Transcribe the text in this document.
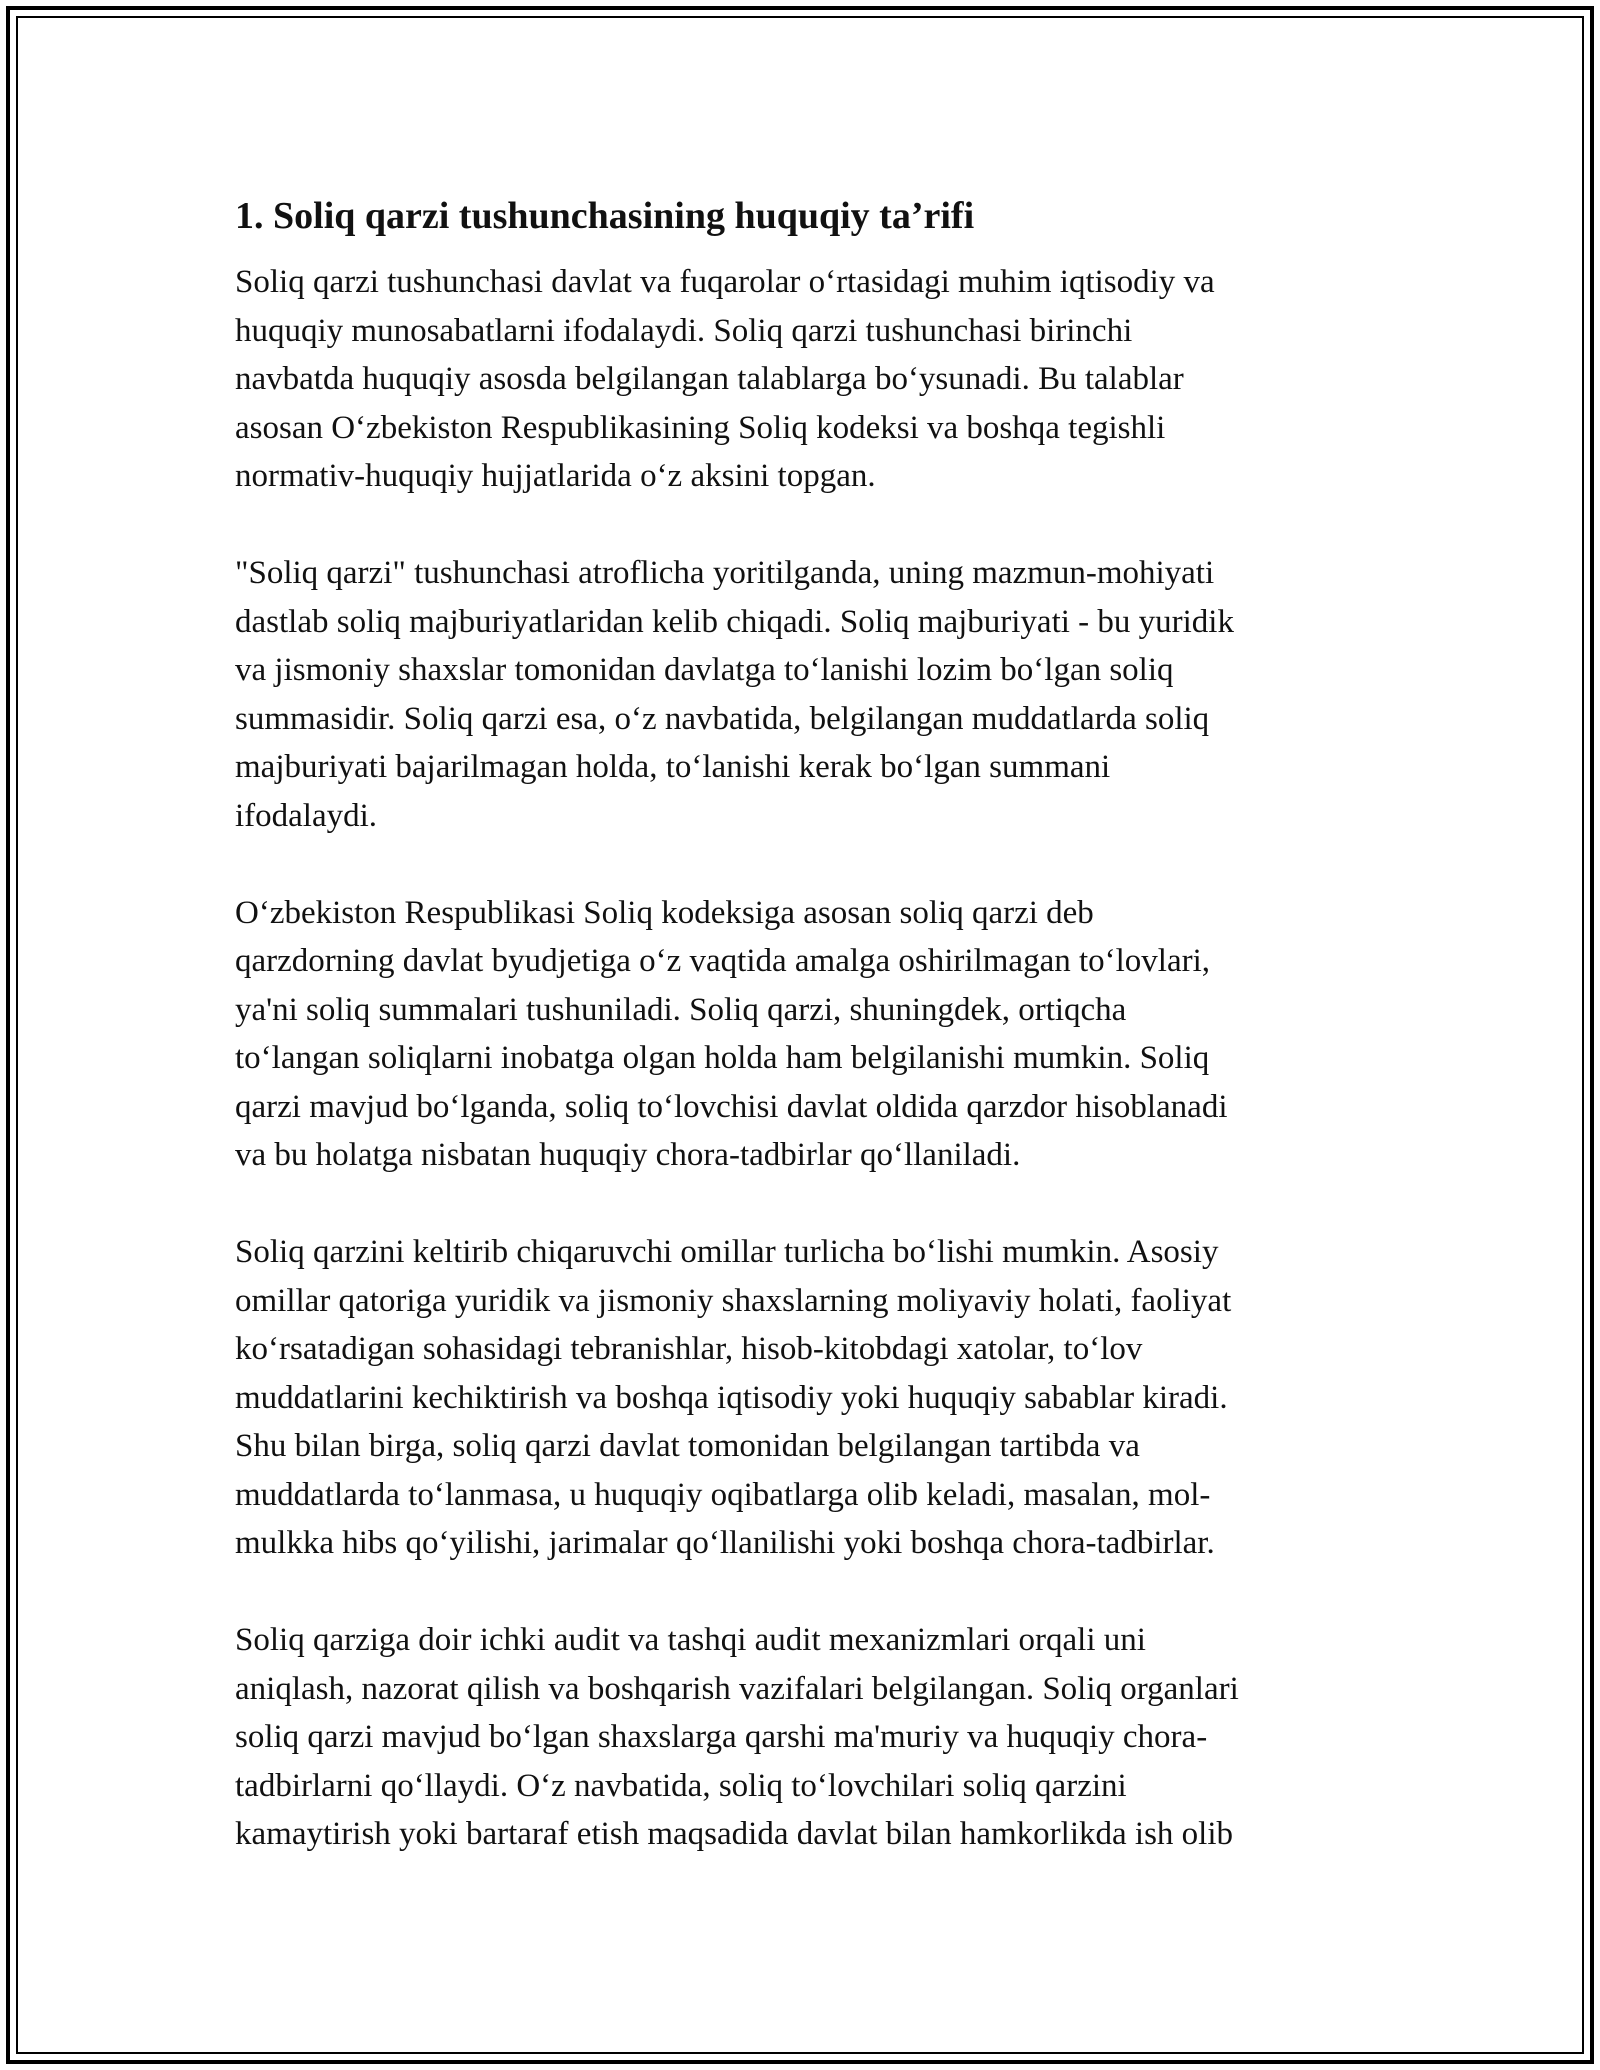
1. Soliq qarzi tushunchasining huquqiy ta’rifi

Soliq qarzi tushunchasi davlat va fuqarolar oʻrtasidagi muhim iqtisodiy va
huquqiy munosabatlarni ifodalaydi. Soliq qarzi tushunchasi birinchi
navbatda huquqiy asosda belgilangan talablarga boʻysunadi. Bu talablar
asosan Oʻzbekiston Respublikasining Soliq kodeksi va boshqa tegishli
normativ-huquqiy hujjatlarida oʻz aksini topgan.

"Soliq qarzi" tushunchasi atroflicha yoritilganda, uning mazmun-mohiyati
dastlab soliq majburiyatlaridan kelib chiqadi. Soliq majburiyati - bu yuridik
va jismoniy shaxslar tomonidan davlatga toʻlanishi lozim boʻlgan soliq
summasidir. Soliq qarzi esa, oʻz navbatida, belgilangan muddatlarda soliq
majburiyati bajarilmagan holda, toʻlanishi kerak boʻlgan summani
ifodalaydi.

Oʻzbekiston Respublikasi Soliq kodeksiga asosan soliq qarzi deb
qarzdorning davlat byudjetiga oʻz vaqtida amalga oshirilmagan toʻlovlari,
ya'ni soliq summalari tushuniladi. Soliq qarzi, shuningdek, ortiqcha
toʻlangan soliqlarni inobatga olgan holda ham belgilanishi mumkin. Soliq
qarzi mavjud boʻlganda, soliq toʻlovchisi davlat oldida qarzdor hisoblanadi
va bu holatga nisbatan huquqiy chora-tadbirlar qoʻllaniladi.

Soliq qarzini keltirib chiqaruvchi omillar turlicha boʻlishi mumkin. Asosiy
omillar qatoriga yuridik va jismoniy shaxslarning moliyaviy holati, faoliyat
koʻrsatadigan sohasidagi tebranishlar, hisob-kitobdagi xatolar, toʻlov
muddatlarini kechiktirish va boshqa iqtisodiy yoki huquqiy sabablar kiradi.
Shu bilan birga, soliq qarzi davlat tomonidan belgilangan tartibda va
muddatlarda toʻlanmasa, u huquqiy oqibatlarga olib keladi, masalan, mol-
mulkka hibs qoʻyilishi, jarimalar qoʻllanilishi yoki boshqa chora-tadbirlar.

Soliq qarziga doir ichki audit va tashqi audit mexanizmlari orqali uni
aniqlash, nazorat qilish va boshqarish vazifalari belgilangan. Soliq organlari
soliq qarzi mavjud boʻlgan shaxslarga qarshi ma'muriy va huquqiy chora-
tadbirlarni qoʻllaydi. Oʻz navbatida, soliq toʻlovchilari soliq qarzini
kamaytirish yoki bartaraf etish maqsadida davlat bilan hamkorlikda ish olib
